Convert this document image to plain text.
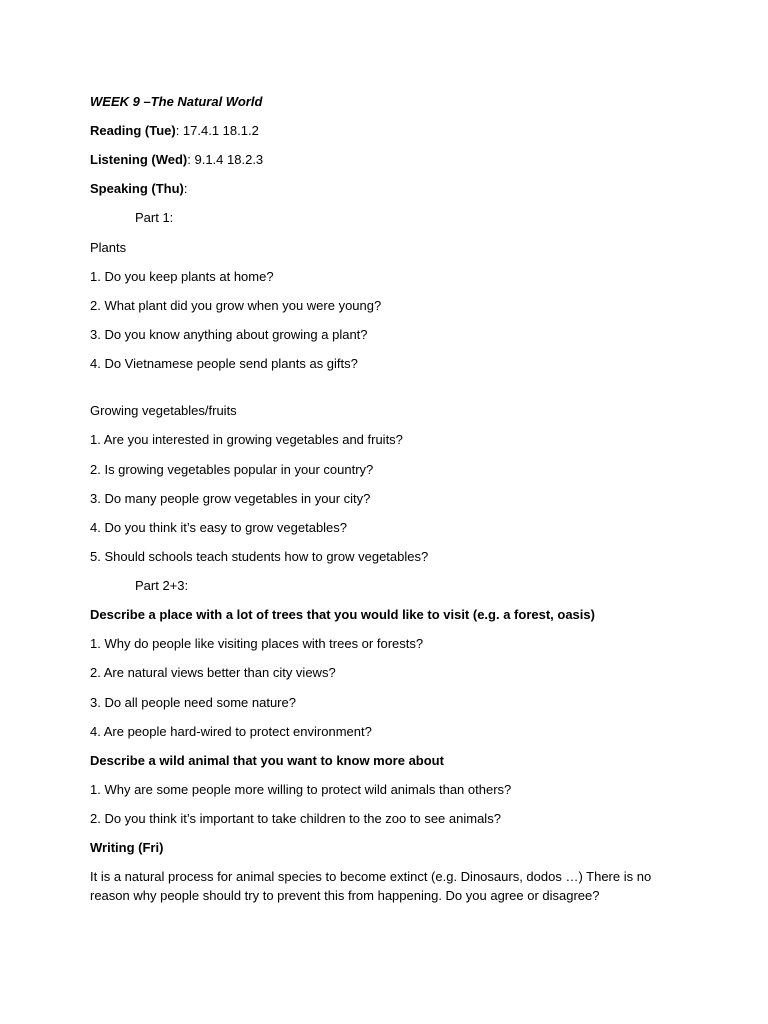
WEEK 9 –The Natural World
Reading (Tue): 17.4.1 18.1.2
Listening (Wed): 9.1.4 18.2.3
Speaking (Thu):
Part 1:
Plants
1. Do you keep plants at home?
2. What plant did you grow when you were young?
3. Do you know anything about growing a plant?
4. Do Vietnamese people send plants as gifts?
Growing vegetables/fruits
1. Are you interested in growing vegetables and fruits?
2. Is growing vegetables popular in your country?
3. Do many people grow vegetables in your city?
4. Do you think it’s easy to grow vegetables?
5. Should schools teach students how to grow vegetables?
Part 2+3:
Describe a place with a lot of trees that you would like to visit (e.g. a forest, oasis)
1. Why do people like visiting places with trees or forests?
2. Are natural views better than city views?
3. Do all people need some nature?
4. Are people hard-wired to protect environment?
Describe a wild animal that you want to know more about
1. Why are some people more willing to protect wild animals than others?
2. Do you think it’s important to take children to the zoo to see animals?
Writing (Fri)
It is a natural process for animal species to become extinct (e.g. Dinosaurs, dodos …) There is no reason why people should try to prevent this from happening. Do you agree or disagree?
